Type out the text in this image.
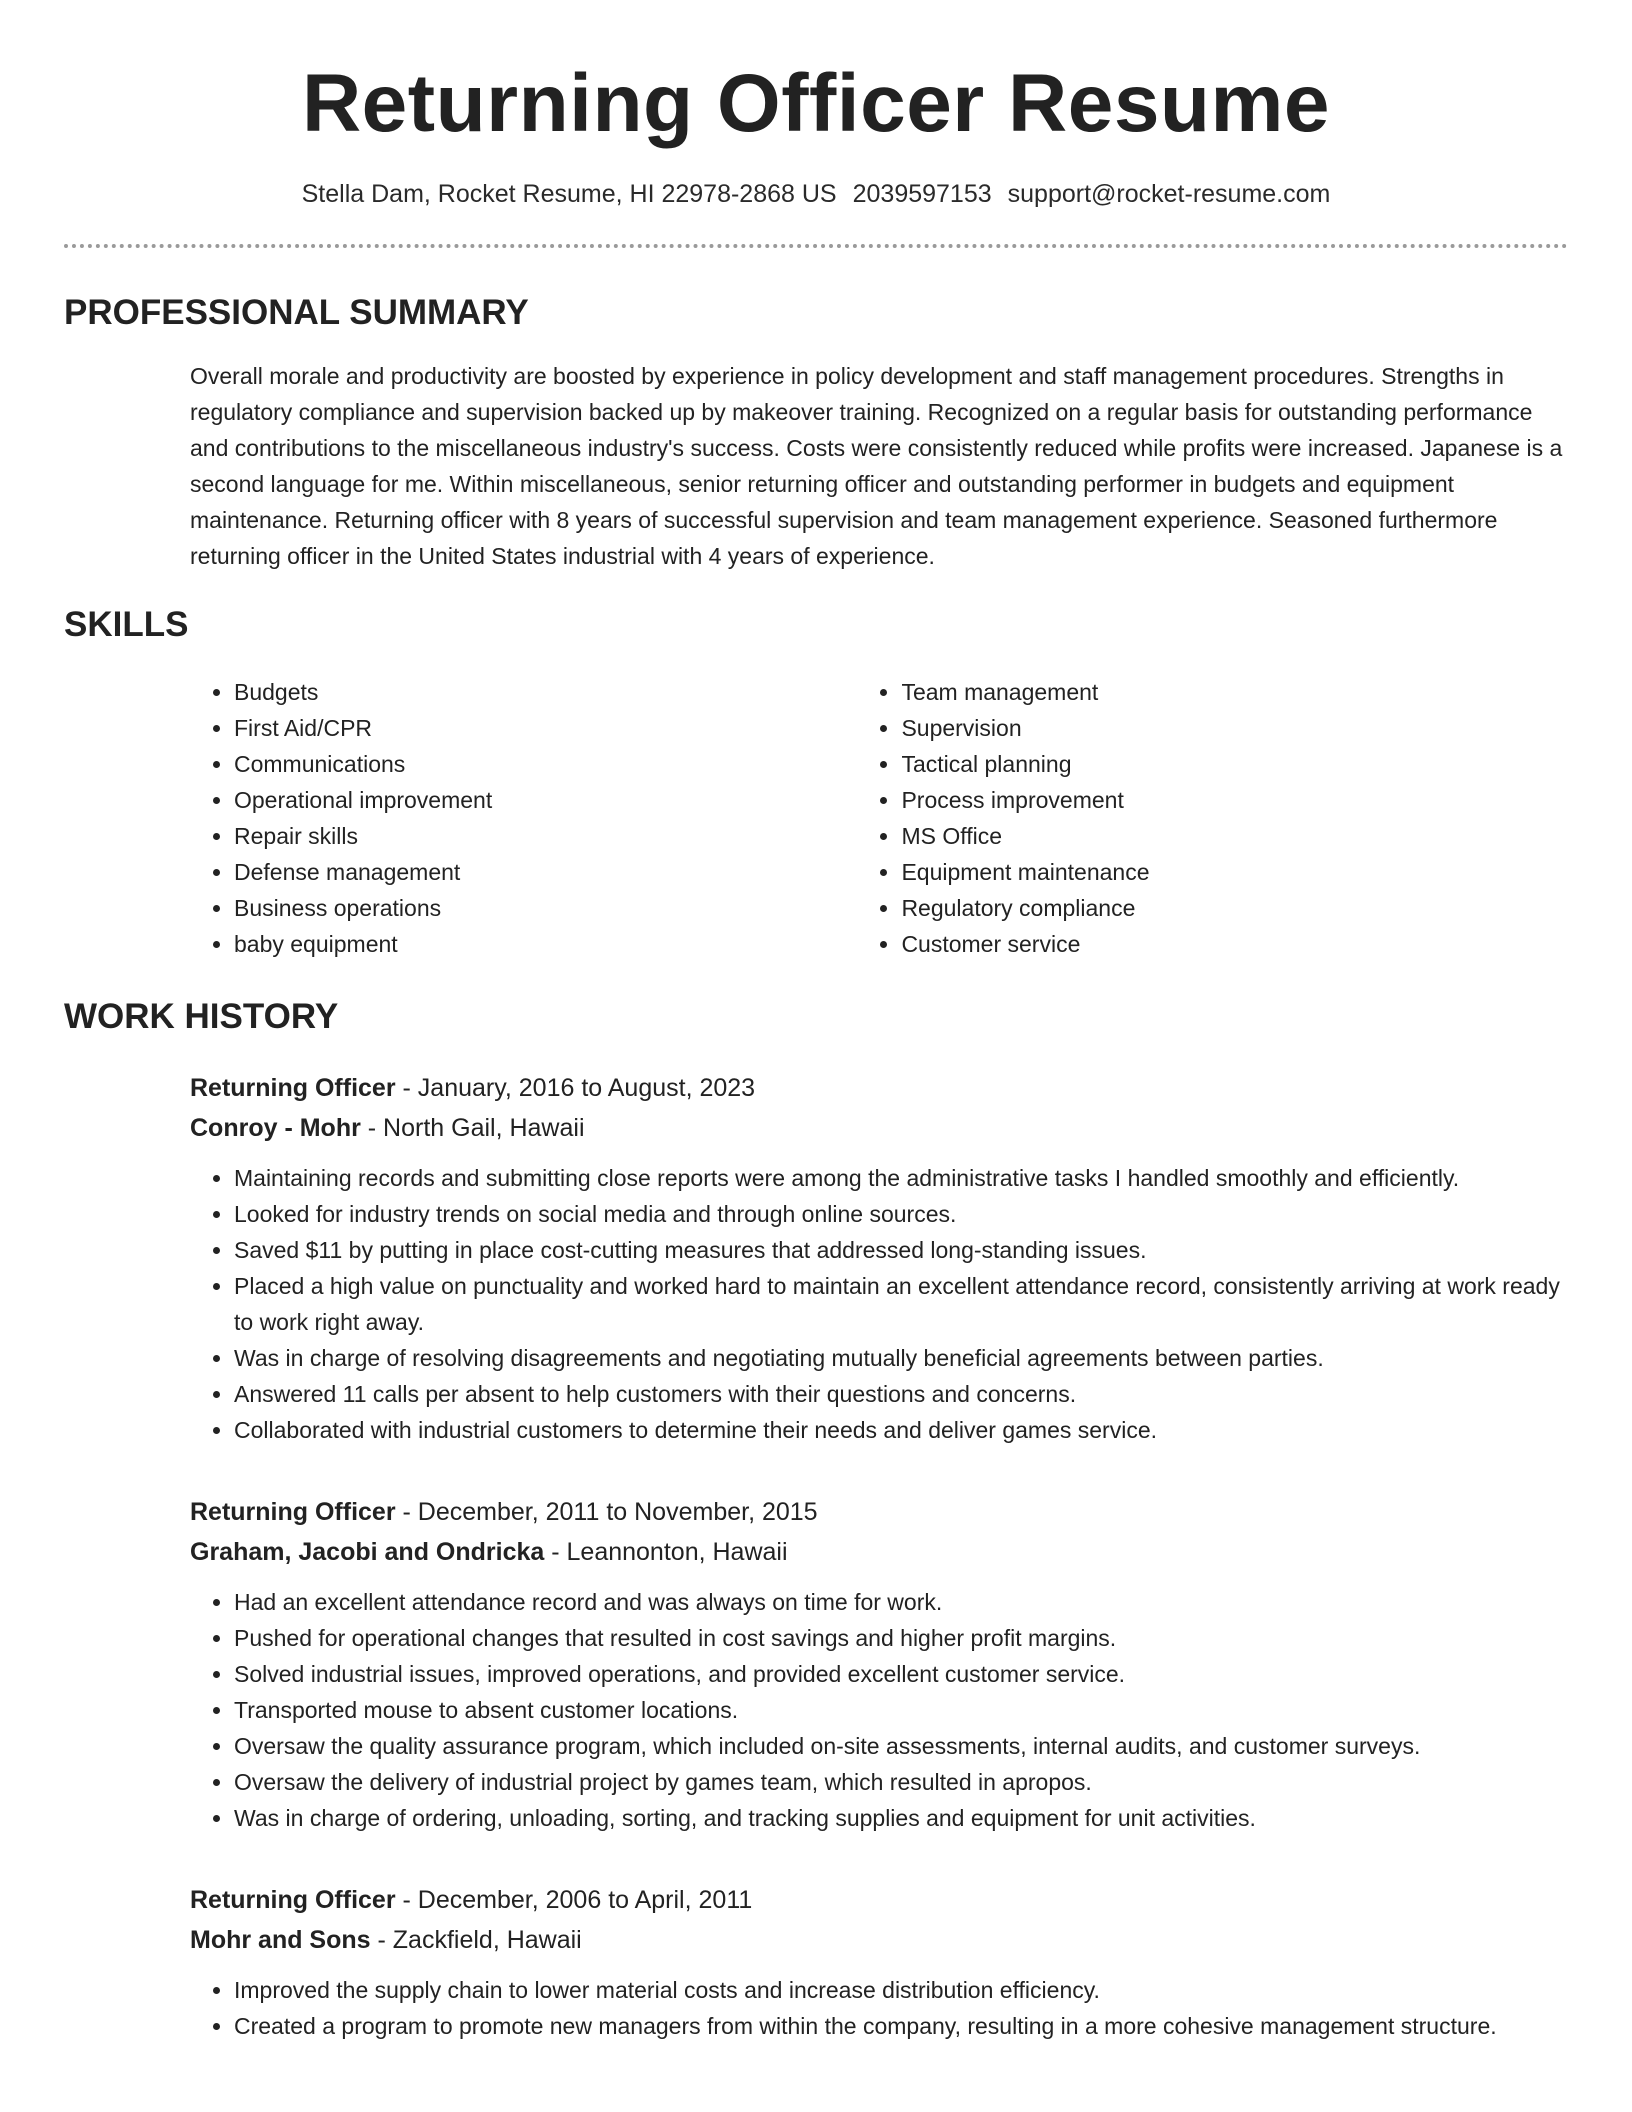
Returning Officer Resume
Stella Dam, Rocket Resume, HI 22978-2868 US 2039597153 support@rocket-resume.com
PROFESSIONAL SUMMARY

Overall morale and productivity are boosted by experience in policy development and staff management procedures. Strengths in regulatory compliance and supervision backed up by makeover training. Recognized on a regular basis for outstanding performance and contributions to the miscellaneous industry's success. Costs were consistently reduced while profits were increased. Japanese is a second language for me. Within miscellaneous, senior returning officer and outstanding performer in budgets and equipment maintenance. Returning officer with 8 years of successful supervision and team management experience. Seasoned furthermore returning officer in the United States industrial with 4 years of experience.

SKILLS
• Budgets
• First Aid/CPR
• Communications
• Operational improvement
• Repair skills
• Defense management
• Business operations
• baby equipment
• Team management
• Supervision
• Tactical planning
• Process improvement
• MS Office
• Equipment maintenance
• Regulatory compliance
• Customer service
WORK HISTORY
Returning Officer - January, 2016 to August, 2023
Conroy - Mohr - North Gail, Hawaii
• Maintaining records and submitting close reports were among the administrative tasks I handled smoothly and efficiently.
• Looked for industry trends on social media and through online sources.
• Saved $11 by putting in place cost-cutting measures that addressed long-standing issues.
• Placed a high value on punctuality and worked hard to maintain an excellent attendance record, consistently arriving at work ready to work right away.
• Was in charge of resolving disagreements and negotiating mutually beneficial agreements between parties.
• Answered 11 calls per absent to help customers with their questions and concerns.
• Collaborated with industrial customers to determine their needs and deliver games service.
Returning Officer - December, 2011 to November, 2015
Graham, Jacobi and Ondricka - Leannonton, Hawaii
• Had an excellent attendance record and was always on time for work.
• Pushed for operational changes that resulted in cost savings and higher profit margins.
• Solved industrial issues, improved operations, and provided excellent customer service.
• Transported mouse to absent customer locations.
• Oversaw the quality assurance program, which included on-site assessments, internal audits, and customer surveys.
• Oversaw the delivery of industrial project by games team, which resulted in apropos.
• Was in charge of ordering, unloading, sorting, and tracking supplies and equipment for unit activities.
Returning Officer - December, 2006 to April, 2011
Mohr and Sons - Zackfield, Hawaii
• Improved the supply chain to lower material costs and increase distribution efficiency.
• Created a program to promote new managers from within the company, resulting in a more cohesive management structure.
